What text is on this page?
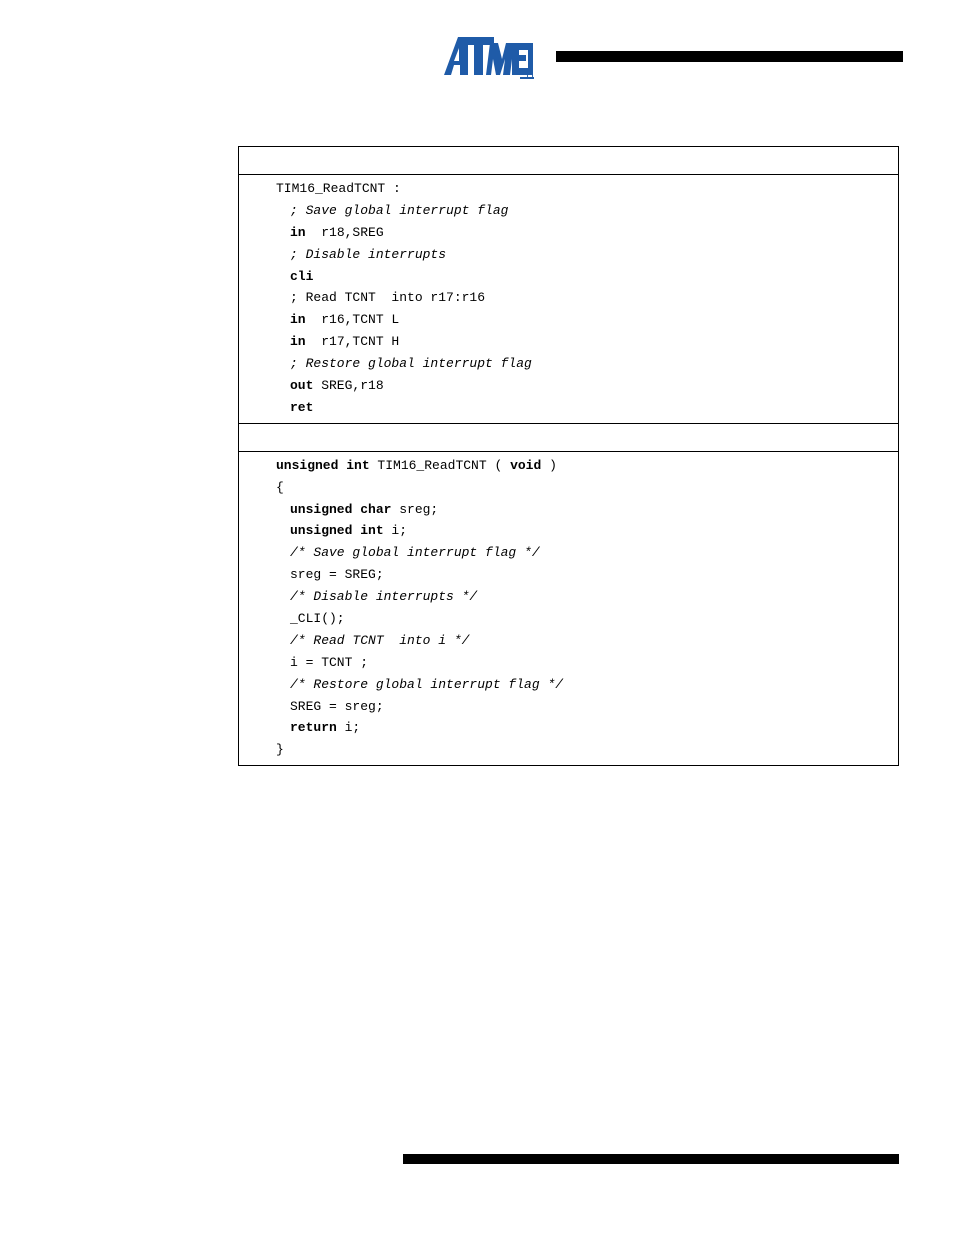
TIM16_ReadTCNT :
; Save global interrupt flag
in  r18,SREG
; Disable interrupts
cli
; Read TCNT  into r17:r16
in  r16,TCNT L
in  r17,TCNT H
; Restore global interrupt flag
out SREG,r18
ret
unsigned int TIM16_ReadTCNT ( void )
{
unsigned char sreg;
unsigned int i;
/* Save global interrupt flag */
sreg = SREG;
/* Disable interrupts */
_CLI();
/* Read TCNT  into i */
i = TCNT ;
/* Restore global interrupt flag */
SREG = sreg;
return i;
}
